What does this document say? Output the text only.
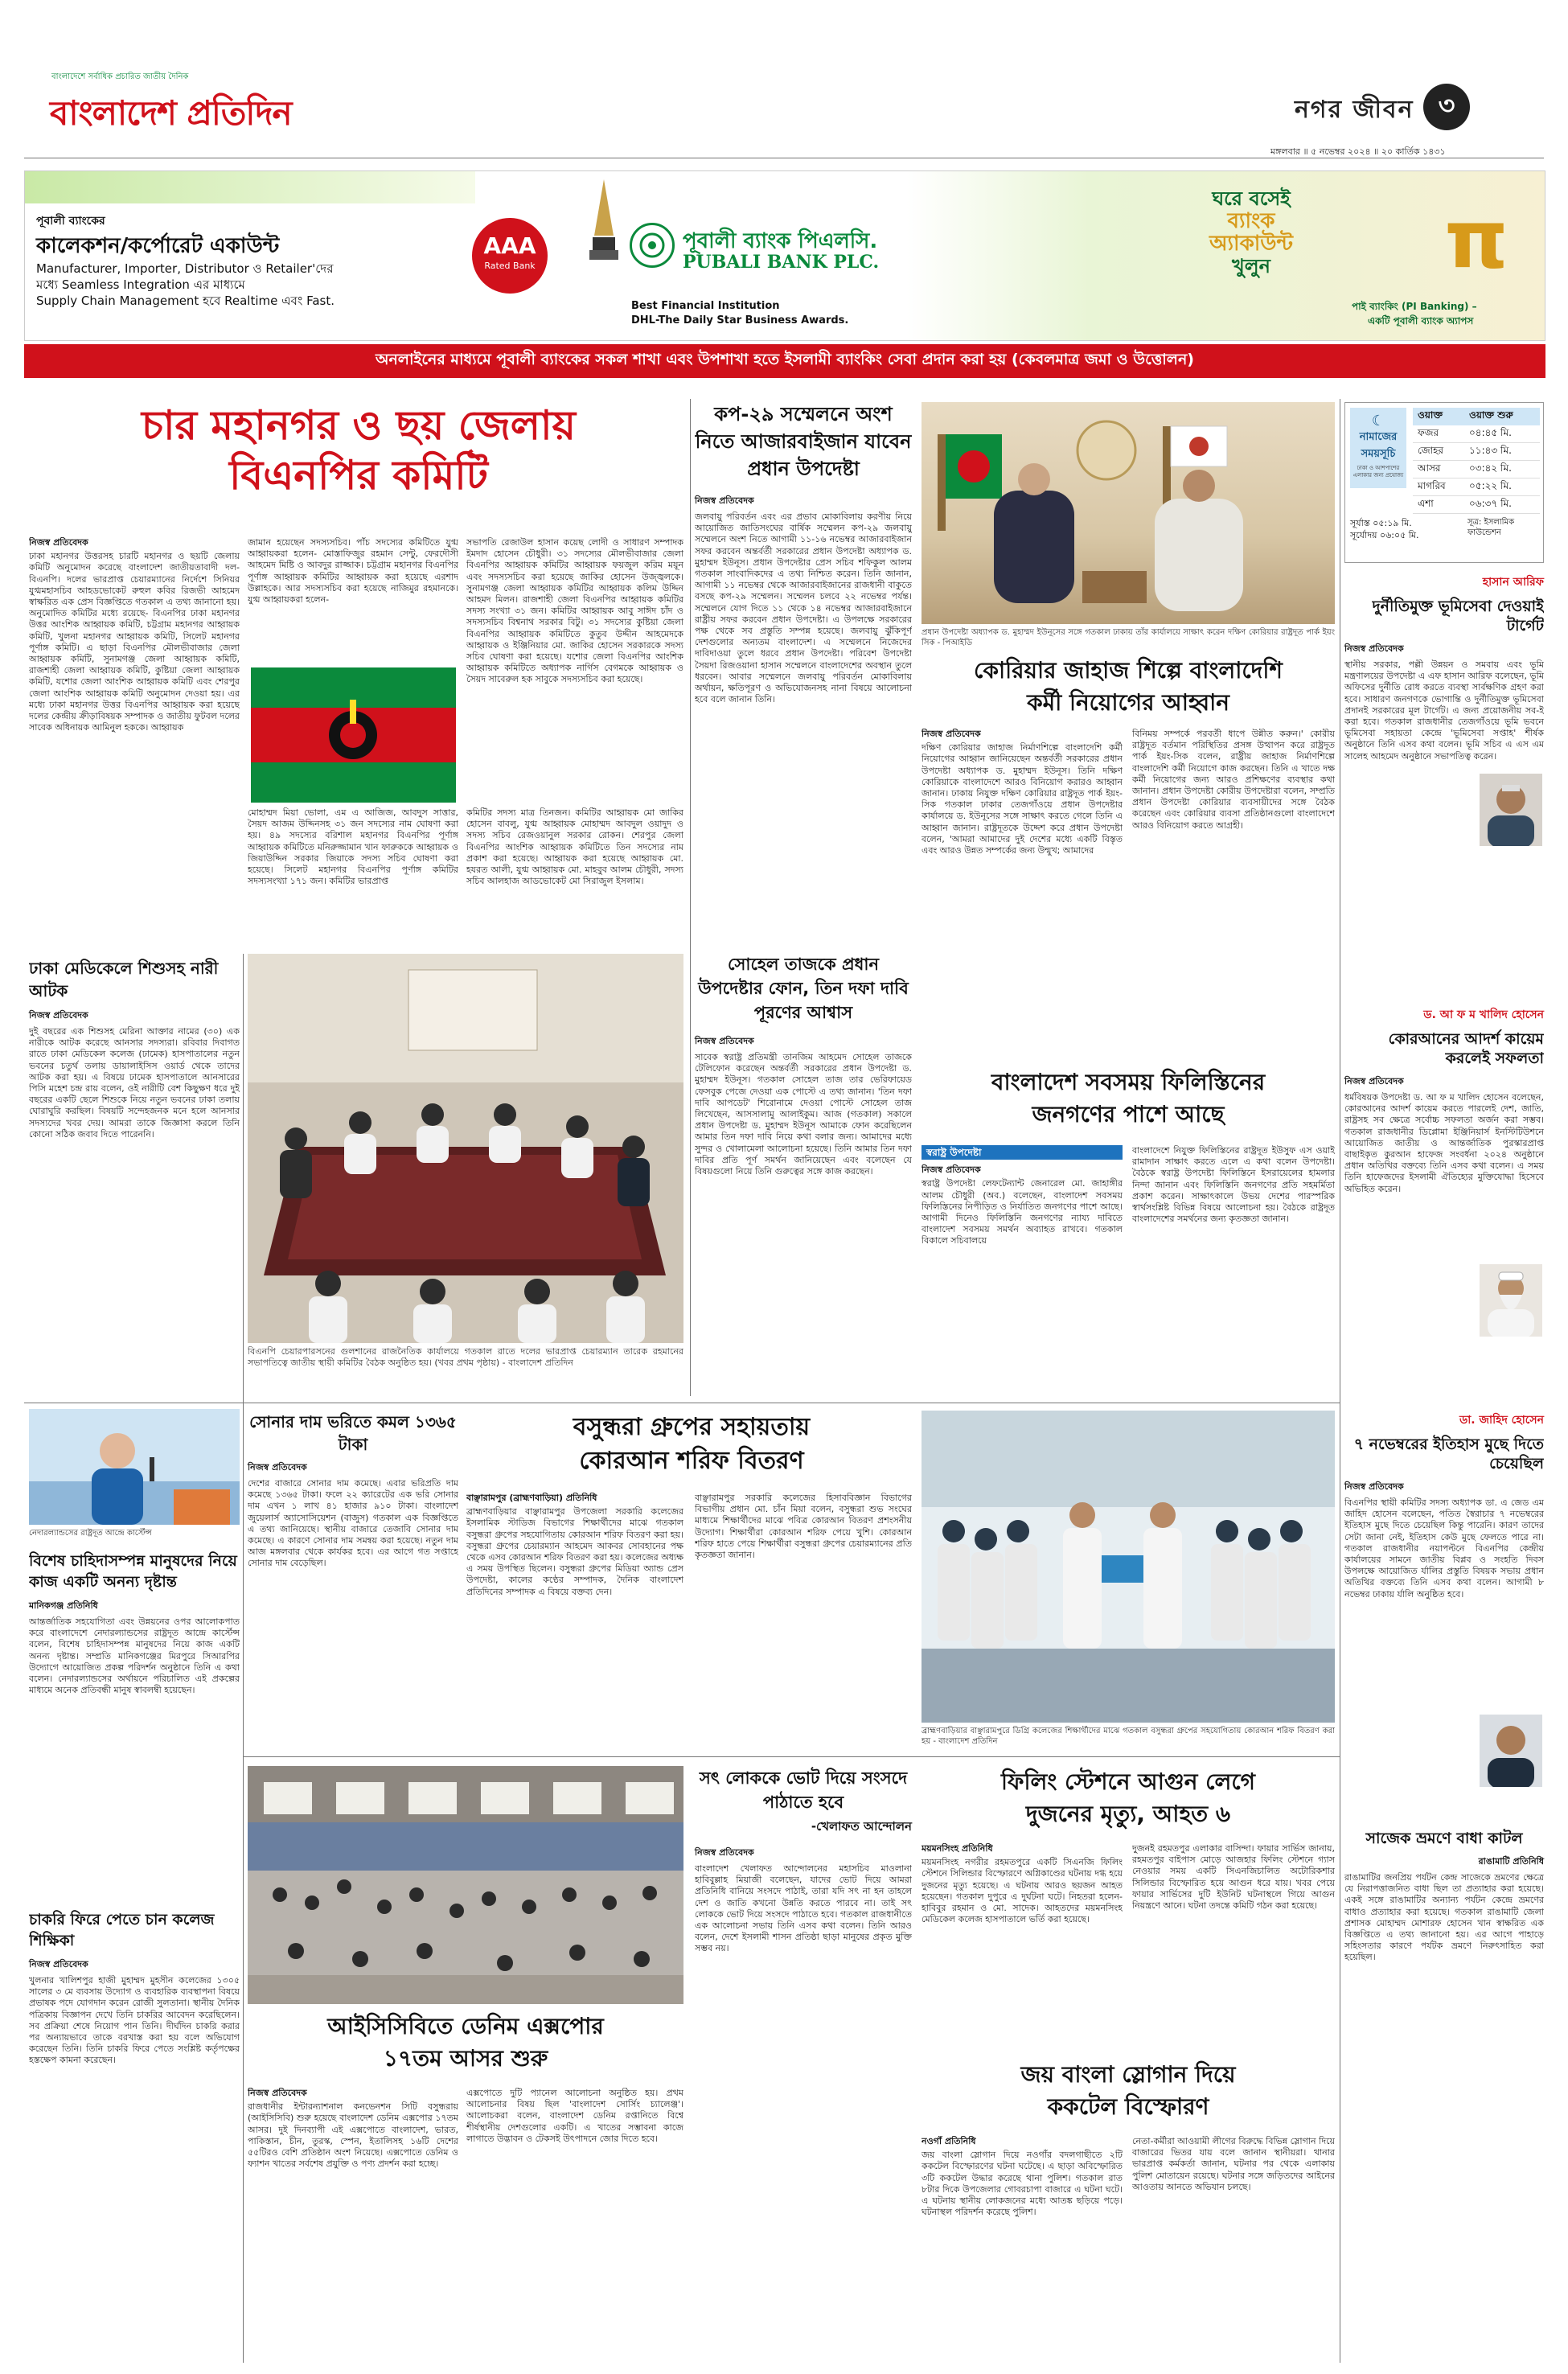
বাংলাদেশে সর্বাধিক প্রচারিত জাতীয় দৈনিক
বাংলাদেশ প্রতিদিন	নগর জীবন ৩
মঙ্গলবার ॥ ৫ নভেম্বর ২০২৪ ॥ ২০ কার্তিক ১৪৩১
পূবালী ব্যাংকের
কালেকশন/কর্পোরেট একাউন্ট
Manufacturer, Importer, Distributor ও Retailer'দের
মধ্যে Seamless Integration এর মাধ্যমে
Supply Chain Management হবে Realtime এবং Fast.
AAA
Rated Bank
পূবালী ব্যাংক পিএলসি.
PUBALI BANK PLC.
Best Financial Institution
DHL-The Daily Star Business Awards.
ঘরে বসেই
ব্যাংক
অ্যাকাউন্ট
খুলুন	π
পাই ব্যাংকিং (PI Banking) –
একটি পূবালী ব্যাংক অ্যাপস
অনলাইনের মাধ্যমে পূবালী ব্যাংকের সকল শাখা এবং উপশাখা হতে ইসলামী ব্যাংকিং সেবা প্রদান করা হয় (কেবলমাত্র জমা ও উত্তোলন)
চার মহানগর ও ছয় জেলায়
বিএনপির কমিটি
নিজস্ব প্রতিবেদক
ঢাকা মহানগর উত্তরসহ চারটি মহানগর ও ছয়টি জেলায় কমিটি অনুমোদন করেছে বাংলাদেশ জাতীয়তাবাদী দল- বিএনপি। দলের ভারপ্রাপ্ত চেয়ারম্যানের নির্দেশে সিনিয়র যুগ্মমহাসচিব আহডভোকেট রুহুল কবির রিজভী আহমেদ স্বাক্ষরিত এক প্রেস বিজ্ঞপ্তিতে গতকাল এ তথ্য জানানো হয়। অনুমোদিত কমিটির মধ্যে রয়েছে- বিএনপির ঢাকা মহানগর উত্তর আংশিক আহ্বায়ক কমিটি, চট্টগ্রাম মহানগর আহ্বায়ক কমিটি, খুলনা মহানগর আহ্বায়ক কমিটি, সিলেট মহানগর পূর্ণাঙ্গ কমিটি। এ ছাড়া বিএনপির মৌলভীবাজার জেলা আহ্বায়ক কমিটি, সুনামগঞ্জ জেলা আহ্বায়ক কমিটি, রাজশাহী জেলা আহ্বায়ক কমিটি, কুষ্টিয়া জেলা আহ্বায়ক কমিটি, যশোর জেলা আংশিক আহ্বায়ক কমিটি এবং শেরপুর জেলা আংশিক আহ্বায়ক কমিটি অনুমোদন দেওয়া হয়। এর মধ্যে ঢাকা মহানগর উত্তর বিএনপির আহ্বায়ক করা হয়েছে দলের কেন্দ্রীয় ক্রীড়াবিষয়ক সম্পাদক ও জাতীয় ফুটবল দলের সাবেক অধিনায়ক আমিনুল হককে। আহ্বায়ক
জামান হয়েছেন সদস্যসচিব। পাঁচ সদস্যের কমিটিতে যুগ্ম আহ্বায়করা হলেন- মোস্তাফিজুর রহমান সেন্টু, ফেরদৌসী আহমেদ মিষ্টি ও আবদুর রাজ্জাক। চট্টগ্রাম মহানগর বিএনপির পূর্ণাঙ্গ আহ্বায়ক কমিটির আহ্বায়ক করা হয়েছে এরশাদ উল্লাহকে। আর সদস্যসচিব করা হয়েছে নাজিমুর রহমানকে। যুগ্ম আহ্বায়করা হলেন-
সভাপতি রেজাউল হাসান কয়েছ লোদী ও সাধারণ সম্পাদক ইমদাদ হোসেন চৌধুরী। ৩১ সদস্যের মৌলভীবাজার জেলা বিএনপির আহ্বায়ক কমিটির আহ্বায়ক ফয়জুল করিম ময়ূন এবং সদস্যসচিব করা হয়েছে জাকির হোসেন উজ্জ্বলকে। সুনামগঞ্জ জেলা আহ্বায়ক কমিটির আহ্বায়ক কলিম উদ্দিন আহমদ মিলন। রাজশাহী জেলা বিএনপির আহ্বায়ক কমিটির সদস্য সংখ্যা ৩১ জন। কমিটির আহ্বায়ক আবু সাঈদ চাঁদ ও সদস্যসচিব বিশ্বনাথ সরকার বিটু। ৩১ সদস্যের কুষ্টিয়া জেলা বিএনপির আহ্বায়ক কমিটিতে কুতুব উদ্দীন আহমেদকে আহ্বায়ক ও ইঞ্জিনিয়ার মো. জাকির হোসেন সরকারকে সদস্য সচিব ঘোষণা করা হয়েছে। যশোর জেলা বিএনপির আংশিক আহ্বায়ক কমিটিতে অধ্যাপক নার্গিস বেগমকে আহ্বায়ক ও সৈয়দ সাবেরুল হক সাবুকে সদস্যসচিব করা হয়েছে।
মোহাম্মদ মিয়া ভোলা, এম এ আজিজ, আবদুস সাত্তার, সৈয়দ আজম উদ্দিনসহ ৩১ জন সদস্যের নাম ঘোষণা করা হয়। ৪৯ সদস্যের বরিশাল মহানগর বিএনপির পূর্ণাঙ্গ আহ্বায়ক কমিটিতে মনিরুজ্জামান খান ফারুককে আহ্বায়ক ও জিয়াউদ্দিন সরকার জিয়াকে সদস্য সচিব ঘোষণা করা হয়েছে। সিলেট মহানগর বিএনপির পূর্ণাঙ্গ কমিটির সদস্যসংখ্যা ১৭১ জন। কমিটির ভারপ্রাপ্ত
কমিটির সদস্য মাত্র তিনজন। কমিটির আহ্বায়ক মো জাকির হোসেন বাবলু, যুগ্ম আহ্বায়ক মোহাম্মদ আবদুল ওয়াদুদ ও সদস্য সচিব রেজওয়ানুল সরকার রোকন। শেরপুর জেলা বিএনপির আংশিক আহ্বায়ক কমিটিতে তিন সদস্যের নাম প্রকাশ করা হয়েছে। আহ্বায়ক করা হয়েছে আহ্বায়ক মো. হযরত আলী, যুগ্ম আহ্বায়ক মো. মাহবুব আলম চৌধুরী, সদস্য সচিব আলহাজ আডভোকেট মো সিরাজুল ইসলাম।
কপ-২৯ সম্মেলনে অংশ নিতে আজারবাইজান যাবেন প্রধান উপদেষ্টা
নিজস্ব প্রতিবেদক
জলবায়ু পরিবর্তন এবং এর প্রভাব মোকাবিলায় করণীয় নিয়ে আয়োজিত জাতিসংঘের বার্ষিক সম্মেলন কপ-২৯ জলবায়ু সম্মেলনে অংশ নিতে আগামী ১১-১৬ নভেম্বর আজারবাইজান সফর করবেন অন্তর্বর্তী সরকারের প্রধান উপদেষ্টা অধ্যাপক ড. মুহাম্মদ ইউনূস। প্রধান উপদেষ্টার প্রেস সচিব শফিকুল আলম গতকাল সাংবাদিকদের এ তথ্য নিশ্চিত করেন। তিনি জানান, আগামী ১১ নভেম্বর থেকে আজারবাইজানের রাজধানী বাকুতে বসছে কপ-২৯ সম্মেলন। সম্মেলন চলবে ২২ নভেম্বর পর্যন্ত। সম্মেলনে যোগ দিতে ১১ থেকে ১৪ নভেম্বর আজারবাইজানে রাষ্ট্রীয় সফর করবেন প্রধান উপদেষ্টা। এ উপলক্ষে সরকারের পক্ষ থেকে সব প্রস্তুতি সম্পন্ন হয়েছে। জলবায়ু ঝুঁকিপূর্ণ দেশগুলোর অন্যতম বাংলাদেশ। এ সম্মেলনে নিজেদের দাবিদাওয়া তুলে ধরবে প্রধান উপদেষ্টা। পরিবেশ উপদেষ্টা সৈয়দা রিজওয়ানা হাসান সম্মেলনে বাংলাদেশের অবস্থান তুলে ধরবেন। আবার সম্মেলনে জলবায়ু পরিবর্তন মোকাবিলায় অর্থায়ন, ক্ষতিপূরণ ও অভিযোজনসহ নানা বিষয়ে আলোচনা হবে বলে জানান তিনি।
প্রধান উপদেষ্টা অধ্যাপক ড. মুহাম্মদ ইউনূসের সঙ্গে গতকাল ঢাকায় তাঁর কার্যালয়ে সাক্ষাৎ করেন দক্ষিণ কোরিয়ার রাষ্ট্রদূত পার্ক ইয়ং সিক - পিআইডি
কোরিয়ার জাহাজ শিল্পে বাংলাদেশি
কর্মী নিয়োগের আহ্বান
নিজস্ব প্রতিবেদক
দক্ষিণ কোরিয়ার জাহাজ নির্মাণশিল্পে বাংলাদেশি কর্মী নিয়োগের আহ্বান জানিয়েছেন অন্তর্বর্তী সরকারের প্রধান উপদেষ্টা অধ্যাপক ড. মুহাম্মদ ইউনূস। তিনি দক্ষিণ কোরিয়াকে বাংলাদেশে আরও বিনিয়োগ করারও আহ্বান জানান। ঢাকায় নিযুক্ত দক্ষিণ কোরিয়ার রাষ্ট্রদূত পার্ক ইয়ং-সিক গতকাল ঢাকার তেজগাঁওয়ে প্রধান উপদেষ্টার কার্যালয়ে ড. ইউনূসের সঙ্গে সাক্ষাৎ করতে গেলে তিনি এ আহ্বান জানান। রাষ্ট্রদূতকে উদ্দেশ করে প্রধান উপদেষ্টা বলেন, 'আমরা আমাদের দুই দেশের মধ্যে একটি বিস্তৃত এবং আরও উন্নত সম্পর্কের জন্য উন্মুখ; আমাদের
বিনিময় সম্পর্কে পরবর্তী ধাপে উন্নীত করুন।' কোরীয় রাষ্ট্রদূত বর্তমান পরিস্থিতির প্রসঙ্গ উত্থাপন করে রাষ্ট্রদূত পার্ক ইয়ং-সিক বলেন, রাষ্ট্রীয় জাহাজ নির্মাণশিল্পে বাংলাদেশি কর্মী নিয়োগে কাজ করছেন। তিনি এ খাতে দক্ষ কর্মী নিয়োগের জন্য আরও প্রশিক্ষণের ব্যবস্থার কথা জানান। প্রধান উপদেষ্টা কোরীয় উপদেষ্টারা বলেন, সম্প্রতি প্রধান উপদেষ্টা কোরিয়ার ব্যবসায়ীদের সঙ্গে বৈঠক করেছেন এবং কোরিয়ার ব্যবসা প্রতিষ্ঠানগুলো বাংলাদেশে আরও বিনিয়োগ করতে আগ্রহী।
☾
নামাজের
সময়সূচি
ঢাকা ও আশপাশের এলাকার জন্য প্রযোজ্য
ওয়াক্ত	ওয়াক্ত শুরু
ফজর	০৪:৪৫ মি.
জোহর	১১:৪৩ মি.
আসর	০৩:৪২ মি.
মাগরিব	০৫:২২ মি.
এশা	০৬:৩৭ মি.
সূর্যাস্ত ০৫:১৯ মি.
সূর্যোদয় ০৬:০৫ মি.
সূত্র: ইসলামিক ফাউন্ডেশন
হাসান আরিফ
দুর্নীতিমুক্ত ভূমিসেবা দেওয়াই টার্গেট
নিজস্ব প্রতিবেদক
স্থানীয় সরকার, পল্লী উন্নয়ন ও সমবায় এবং ভূমি মন্ত্রণালয়ের উপদেষ্টা এ এফ হাসান আরিফ বলেছেন, ভূমি অফিসের দুর্নীতি রোধ করতে ব্যবস্থা সার্বক্ষণিক গ্রহণ করা হবে। সাধারণ জনগণকে ভোগান্তি ও দুর্নীতিমুক্ত ভূমিসেবা প্রদানই সরকারের মূল টার্গেট। এ জন্য প্রয়োজনীয় সব-ই করা হবে। গতকাল রাজধানীর তেজগাঁওয়ে ভূমি ভবনে ভূমিসেবা সহায়তা কেন্দ্রে 'ভূমিসেবা সপ্তাহ' শীর্ষক অনুষ্ঠানে তিনি এসব কথা বলেন। ভূমি সচিব এ এস এম সালেহ আহমেদ অনুষ্ঠানে সভাপতিত্ব করেন।
ড. আ ফ ম খালিদ হোসেন
কোরআনের আদর্শ কায়েম করলেই সফলতা
নিজস্ব প্রতিবেদক
ধর্মবিষয়ক উপদেষ্টা ড. আ ফ ম খালিদ হোসেন বলেছেন, কোরআনের আদর্শ কায়েম করতে পারলেই দেশ, জাতি, রাষ্ট্রসহ সব ক্ষেত্রে সর্বোচ্চ সফলতা অর্জন করা সম্ভব। গতকাল রাজধানীর ডিপ্লোমা ইঞ্জিনিয়ার্স ইনস্টিটিউশনে আয়োজিত জাতীয় ও আন্তর্জাতিক পুরস্কারপ্রাপ্ত বাছাইকৃত কুরআন হাফেজ সংবর্ধনা ২০২৪ অনুষ্ঠানে প্রধান অতিথির বক্তব্যে তিনি এসব কথা বলেন। এ সময় তিনি হাফেজদের ইসলামী ঐতিহ্যের মুক্তিযোদ্ধা হিসেবে অভিহিত করেন।
ডা. জাহিদ হোসেন
৭ নভেম্বরের ইতিহাস মুছে দিতে চেয়েছিল
নিজস্ব প্রতিবেদক
বিএনপির স্থায়ী কমিটির সদস্য অধ্যাপক ডা. এ জেড এম জাহিদ হোসেন বলেছেন, পতিত স্বৈরাচার ৭ নভেম্বরের ইতিহাস মুছে দিতে চেয়েছিল কিন্তু পারেনি। কারণ তাদের সেটা জানা নেই, ইতিহাস কেউ মুছে ফেলতে পারে না। গতকাল রাজধানীর নয়াপল্টনে বিএনপির কেন্দ্রীয় কার্যালয়ের সামনে জাতীয় বিপ্লব ও সংহতি দিবস উপলক্ষে আয়োজিত র্যালির প্রস্তুতি বিষয়ক সভায় প্রধান অতিথির বক্তব্যে তিনি এসব কথা বলেন। আগামী ৮ নভেম্বর ঢাকায় র্যালি অনুষ্ঠিত হবে।
সাজেক ভ্রমণে বাধা কাটল
রাঙামাটি প্রতিনিধি
রাঙামাটির জনপ্রিয় পর্যটন কেন্দ্র সাজেকে ভ্রমণের ক্ষেত্রে যে নিরাপত্তাজনিত বাধা ছিল তা প্রত্যাহার করা হয়েছে। একই সঙ্গে রাঙামাটির অন্যান্য পর্যটন কেন্দ্রে ভ্রমণের বাধাও প্রত্যাহার করা হয়েছে। গতকাল রাঙামাটি জেলা প্রশাসক মোহাম্মদ মোশারফ হোসেন খান স্বাক্ষরিত এক বিজ্ঞপ্তিতে এ তথ্য জানানো হয়। এর আগে পাহাড়ে সহিংসতার কারণে পর্যটক ভ্রমণে নিরুৎসাহিত করা হয়েছিল।
বিএনপি চেয়ারপারসনের গুলশানের রাজনৈতিক কার্যালয়ে গতকাল রাতে দলের ভারপ্রাপ্ত চেয়ারম্যান তারেক রহমানের সভাপতিত্বে জাতীয় স্থায়ী কমিটির বৈঠক অনুষ্ঠিত হয়। (খবর প্রথম পৃষ্ঠায়) - বাংলাদেশ প্রতিদিন
সোহেল তাজকে প্রধান উপদেষ্টার ফোন, তিন দফা দাবি পূরণের আশ্বাস
নিজস্ব প্রতিবেদক
সাবেক স্বরাষ্ট্র প্রতিমন্ত্রী তানজিম আহমেদ সোহেল তাজকে টেলিফোন করেছেন অন্তর্বর্তী সরকারের প্রধান উপদেষ্টা ড. মুহাম্মদ ইউনূস। গতকাল সোহেল তাজ তার ভেরিফায়েড ফেসবুক পেজে দেওয়া এক পোস্টে এ তথ্য জানান। 'তিন দফা দাবি আপডেট' শিরোনামে দেওয়া পোস্টে সোহেল তাজ লিখেছেন, আসসালামু আলাইকুম। আজ (গতকাল) সকালে প্রধান উপদেষ্টা ড. মুহাম্মদ ইউনূস আমাকে ফোন করেছিলেন আমার তিন দফা দাবি নিয়ে কথা বলার জন্য। আমাদের মধ্যে সুন্দর ও খোলামেলা আলোচনা হয়েছে। তিনি আমার তিন দফা দাবির প্রতি পূর্ণ সমর্থন জানিয়েছেন এবং বলেছেন যে বিষয়গুলো নিয়ে তিনি গুরুত্বের সঙ্গে কাজ করছেন।
বাংলাদেশ সবসময় ফিলিস্তিনের
জনগণের পাশে আছে
স্বরাষ্ট্র উপদেষ্টা
নিজস্ব প্রতিবেদক
স্বরাষ্ট্র উপদেষ্টা লেফটেন্যান্ট জেনারেল মো. জাহাঙ্গীর আলম চৌধুরী (অব.) বলেছেন, বাংলাদেশ সবসময় ফিলিস্তিনের নিপীড়িত ও নির্যাতিত জনগণের পাশে আছে। আগামী দিনেও ফিলিস্তিনি জনগণের ন্যায্য দাবিতে বাংলাদেশ সবসময় সমর্থন অব্যাহত রাখবে। গতকাল বিকালে সচিবালয়ে
বাংলাদেশে নিযুক্ত ফিলিস্তিনের রাষ্ট্রদূত ইউসুফ এস ওয়াই রামাদান সাক্ষাৎ করতে এলে এ কথা বলেন উপদেষ্টা। বৈঠকে স্বরাষ্ট্র উপদেষ্টা ফিলিস্তিনে ইসরায়েলের হামলার নিন্দা জানান এবং ফিলিস্তিনি জনগণের প্রতি সহমর্মিতা প্রকাশ করেন। সাক্ষাৎকালে উভয় দেশের পারস্পরিক স্বার্থসংশ্লিষ্ট বিভিন্ন বিষয়ে আলোচনা হয়। বৈঠকে রাষ্ট্রদূত বাংলাদেশের সমর্থনের জন্য কৃতজ্ঞতা জানান।
ঢাকা মেডিকেলে শিশুসহ নারী আটক
নিজস্ব প্রতিবেদক
দুই বছরের এক শিশুসহ মেরিনা আক্তার নামের (৩০) এক নারীকে আটক করেছে আনসার সদস্যরা। রবিবার দিবাগত রাতে ঢাকা মেডিকেল কলেজ (ঢামেক) হাসপাতালের নতুন ভবনের চতুর্থ তলায় ডায়ালাইসিস ওয়ার্ড থেকে তাদের আটক করা হয়। এ বিষয়ে ঢামেক হাসপাতালে আনসারের পিসি মহেশ চন্দ্র রায় বলেন, ওই নারীটি বেশ কিছুক্ষণ ধরে দুই বছরের একটি ছেলে শিশুকে নিয়ে নতুন ভবনের ঢাকা তলায় ঘোরাঘুরি করছিল। বিষয়টি সন্দেহজনক মনে হলে আনসার সদস্যদের খবর দেয়। আমরা তাকে জিজ্ঞাসা করলে তিনি কোনো সঠিক জবাব দিতে পারেননি।
নেদারল্যান্ডসের রাষ্ট্রদূত আন্দ্রে কার্স্টেন্স
বিশেষ চাহিদাসম্পন্ন মানুষদের নিয়ে কাজ একটি অনন্য দৃষ্টান্ত
মানিকগঞ্জ প্রতিনিধি
আন্তর্জাতিক সহযোগিতা এবং উন্নয়নের ওপর আলোকপাত করে বাংলাদেশে নেদারল্যান্ডসের রাষ্ট্রদূত আন্দ্রে কার্স্টেন্স বলেন, বিশেষ চাহিদাসম্পন্ন মানুষদের নিয়ে কাজ একটি অনন্য দৃষ্টান্ত। সম্প্রতি মানিকগঞ্জের মিরপুরে সিআরপির উদ্যোগে আয়োজিত প্রকল্প পরিদর্শন অনুষ্ঠানে তিনি এ কথা বলেন। নেদারল্যান্ডসের অর্থায়নে পরিচালিত এই প্রকল্পের মাধ্যমে অনেক প্রতিবন্ধী মানুষ স্বাবলম্বী হয়েছেন।
চাকরি ফিরে পেতে চান কলেজ শিক্ষিকা
নিজস্ব প্রতিবেদক
খুলনার খালিশপুর হাজী মুহাম্মদ মুহসীন কলেজের ১৩০৫ সালের ৩ মে ব্যবসায় উদ্যোগ ও ব্যবহারিক ব্যবস্থাপনা বিষয়ে প্রভাষক পদে যোগদান করেন রোজী সুলতানা। স্থানীয় দৈনিক পত্রিকায় বিজ্ঞাপন দেখে তিনি চাকরির আবেদন করেছিলেন। সব প্রক্রিয়া শেষে নিয়োগ পান তিনি। দীর্ঘদিন চাকরি করার পর অন্যায়ভাবে তাকে বরখাস্ত করা হয় বলে অভিযোগ করেছেন তিনি। তিনি চাকরি ফিরে পেতে সংশ্লিষ্ট কর্তৃপক্ষের হস্তক্ষেপ কামনা করেছেন।
সোনার দাম ভরিতে কমল ১৩৬৫ টাকা
নিজস্ব প্রতিবেদক
দেশের বাজারে সোনার দাম কমেছে। এবার ভরিপ্রতি দাম কমেছে ১৩৬৫ টাকা। ফলে ২২ ক্যারেটের এক ভরি সোনার দাম এখন ১ লাখ ৪১ হাজার ৯১০ টাকা। বাংলাদেশ জুয়েলার্স অ্যাসোসিয়েশন (বাজুস) গতকাল এক বিজ্ঞপ্তিতে এ তথ্য জানিয়েছে। স্থানীয় বাজারে তেজাবি সোনার দাম কমেছে। এ কারণে সোনার দাম সমন্বয় করা হয়েছে। নতুন দাম আজ মঙ্গলবার থেকে কার্যকর হবে। এর আগে গত সপ্তাহে সোনার দাম বেড়েছিল।
বসুন্ধরা গ্রুপের সহায়তায়
কোরআন শরিফ বিতরণ
বাঞ্ছারামপুর (ব্রাহ্মণবাড়িয়া) প্রতিনিধি
ব্রাহ্মণবাড়িয়ার বাঞ্ছারামপুর উপজেলা সরকারি কলেজের ইসলামিক স্টাডিজ বিভাগের শিক্ষার্থীদের মাঝে গতকাল বসুন্ধরা গ্রুপের সহযোগিতায় কোরআন শরিফ বিতরণ করা হয়। বসুন্ধরা গ্রুপের চেয়ারম্যান আহমেদ আকবর সোবহানের পক্ষ থেকে এসব কোরআন শরিফ বিতরণ করা হয়। কলেজের অধ্যক্ষ এ সময় উপস্থিত ছিলেন। বসুন্ধরা গ্রুপের মিডিয়া অ্যান্ড প্রেস উপদেষ্টা, কালের কণ্ঠের সম্পাদক, দৈনিক বাংলাদেশ প্রতিদিনের সম্পাদক এ বিষয়ে বক্তব্য দেন।
বাঞ্ছারামপুর সরকারি কলেজের হিসাববিজ্ঞান বিভাগের বিভাগীয় প্রধান মো. চাঁন মিয়া বলেন, বসুন্ধরা শুভ সংঘের মাধ্যমে শিক্ষার্থীদের মাঝে পবিত্র কোরআন বিতরণ প্রশংসনীয় উদ্যোগ। শিক্ষার্থীরা কোরআন শরিফ পেয়ে খুশি। কোরআন শরিফ হাতে পেয়ে শিক্ষার্থীরা বসুন্ধরা গ্রুপের চেয়ারম্যানের প্রতি কৃতজ্ঞতা জানান।
ব্রাহ্মণবাড়িয়ার বাঞ্ছারামপুরে ডিগ্রি কলেজের শিক্ষার্থীদের মাঝে গতকাল বসুন্ধরা গ্রুপের সহযোগিতায় কোরআন শরিফ বিতরণ করা হয় - বাংলাদেশ প্রতিদিন
আইসিসিবিতে ডেনিম এক্সপোর
১৭তম আসর শুরু
নিজস্ব প্রতিবেদক
রাজধানীর ইন্টারন্যাশনাল কনভেনশন সিটি বসুন্ধরায় (আইসিসিবি) শুরু হয়েছে বাংলাদেশ ডেনিম এক্সপোর ১৭তম আসর। দুই দিনব্যাপী এই এক্সপোতে বাংলাদেশ, ভারত, পাকিস্তান, চীন, তুরস্ক, স্পেন, ইতালিসহ ১৬টি দেশের ৫৫টিরও বেশি প্রতিষ্ঠান অংশ নিয়েছে। এক্সপোতে ডেনিম ও ফ্যাশন খাতের সর্বশেষ প্রযুক্তি ও পণ্য প্রদর্শন করা হচ্ছে।
এক্সপোতে দুটি প্যানেল আলোচনা অনুষ্ঠিত হয়। প্রথম আলোচনার বিষয় ছিল 'বাংলাদেশ সোর্সিং চ্যালেঞ্জ'। আলোচকরা বলেন, বাংলাদেশ ডেনিম রপ্তানিতে বিশ্বে শীর্ষস্থানীয় দেশগুলোর একটি। এ খাতের সম্ভাবনা কাজে লাগাতে উদ্ভাবন ও টেকসই উৎপাদনে জোর দিতে হবে।
সৎ লোককে ভোট দিয়ে সংসদে পাঠাতে হবে
-খেলাফত আন্দোলন
নিজস্ব প্রতিবেদক
বাংলাদেশ খেলাফত আন্দোলনের মহাসচিব মাওলানা হাবিবুল্লাহ মিয়াজী বলেছেন, যাদের ভোট দিয়ে আমরা প্রতিনিধি বানিয়ে সংসদে পাঠাই, তারা যদি সৎ না হন তাহলে দেশ ও জাতি কখনো উন্নতি করতে পারবে না। তাই সৎ লোককে ভোট দিয়ে সংসদে পাঠাতে হবে। গতকাল রাজধানীতে এক আলোচনা সভায় তিনি এসব কথা বলেন। তিনি আরও বলেন, দেশে ইসলামী শাসন প্রতিষ্ঠা ছাড়া মানুষের প্রকৃত মুক্তি সম্ভব নয়।
ফিলিং স্টেশনে আগুন লেগে
দুজনের মৃত্যু, আহত ৬
ময়মনসিংহ প্রতিনিধি
ময়মনসিংহ নগরীর রহমতপুরে একটি সিএনজি ফিলিং স্টেশনে সিলিন্ডার বিস্ফোরণে অগ্নিকাণ্ডের ঘটনায় দগ্ধ হয়ে দুজনের মৃত্যু হয়েছে। এ ঘটনায় আরও ছয়জন আহত হয়েছেন। গতকাল দুপুরে এ দুর্ঘটনা ঘটে। নিহতরা হলেন- হাবিবুর রহমান ও মো. সাদেক। আহতদের ময়মনসিংহ মেডিকেল কলেজ হাসপাতালে ভর্তি করা হয়েছে।
দুজনই রহমতপুর এলাকার বাসিন্দা। ফায়ার সার্ভিস জানায়, রহমতপুর বাইপাস মোড়ে আজহার ফিলিং স্টেশনে গ্যাস নেওয়ার সময় একটি সিএনজিচালিত অটোরিকশার সিলিন্ডার বিস্ফোরিত হয়ে আগুন ধরে যায়। খবর পেয়ে ফায়ার সার্ভিসের দুটি ইউনিট ঘটনাস্থলে গিয়ে আগুন নিয়ন্ত্রণে আনে। ঘটনা তদন্তে কমিটি গঠন করা হয়েছে।
জয় বাংলা স্লোগান দিয়ে
ককটেল বিস্ফোরণ
নওগাঁ প্রতিনিধি
জয় বাংলা স্লোগান দিয়ে নওগাঁর বদলগাছীতে ২টি ককটেল বিস্ফোরণের ঘটনা ঘটেছে। এ ছাড়া অবিস্ফোরিত ৩টি ককটেল উদ্ধার করেছে থানা পুলিশ। গতকাল রাত ৮টার দিকে উপজেলার গোবরচাপা বাজারে এ ঘটনা ঘটে। এ ঘটনায় স্থানীয় লোকজনের মধ্যে আতঙ্ক ছড়িয়ে পড়ে। ঘটনাস্থল পরিদর্শন করেছে পুলিশ।
নেতা-কর্মীরা আওয়ামী লীগের বিরুদ্ধে বিভিন্ন স্লোগান দিয়ে বাজারের ভিতর যায় বলে জানান স্থানীয়রা। থানার ভারপ্রাপ্ত কর্মকর্তা জানান, ঘটনার পর থেকে এলাকায় পুলিশ মোতায়েন রয়েছে। ঘটনার সঙ্গে জড়িতদের আইনের আওতায় আনতে অভিযান চলছে।
